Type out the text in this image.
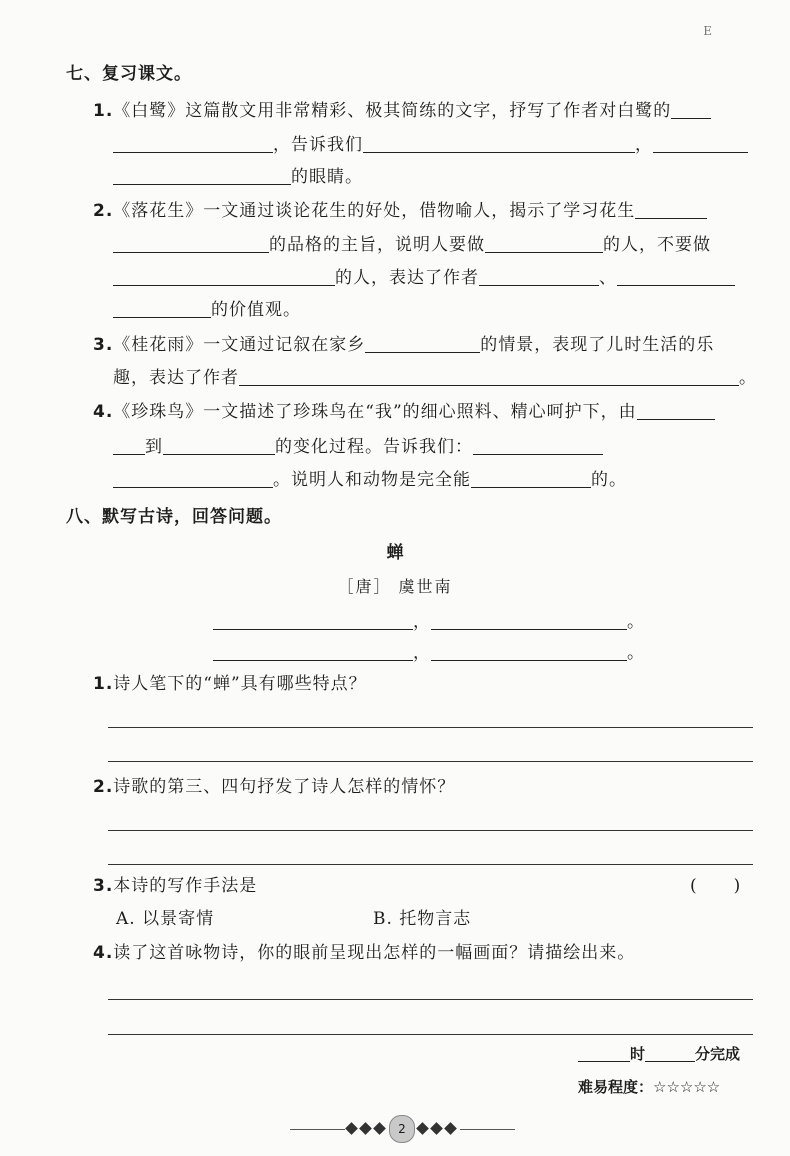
E
七、复习课文。
1.《白鹭》这篇散文用非常精彩、极其简练的文字，抒写了作者对白鹭的
，告诉我们	，
的眼睛。
2.《落花生》一文通过谈论花生的好处，借物喻人，揭示了学习花生
的品格的主旨，说明人要做	的人，不要做
的人，表达了作者	、
的价值观。
3.《桂花雨》一文通过记叙在家乡	的情景，表现了儿时生活的乐
趣，表达了作者	。
4.《珍珠鸟》一文描述了珍珠鸟在“我”的细心照料、精心呵护下，由
到	的变化过程。告诉我们：
。说明人和动物是完全能	的。
八、默写古诗，回答问题。
蝉
［唐］ 虞世南
，	。
，	。
1.诗人笔下的“蝉”具有哪些特点？
2.诗歌的第三、四句抒发了诗人怎样的情怀？
3.本诗的写作手法是	(　　)
A. 以景寄情	B. 托物言志
4.读了这首咏物诗，你的眼前呈现出怎样的一幅画面？请描绘出来。
时	分完成
难易程度：☆☆☆☆☆
2
